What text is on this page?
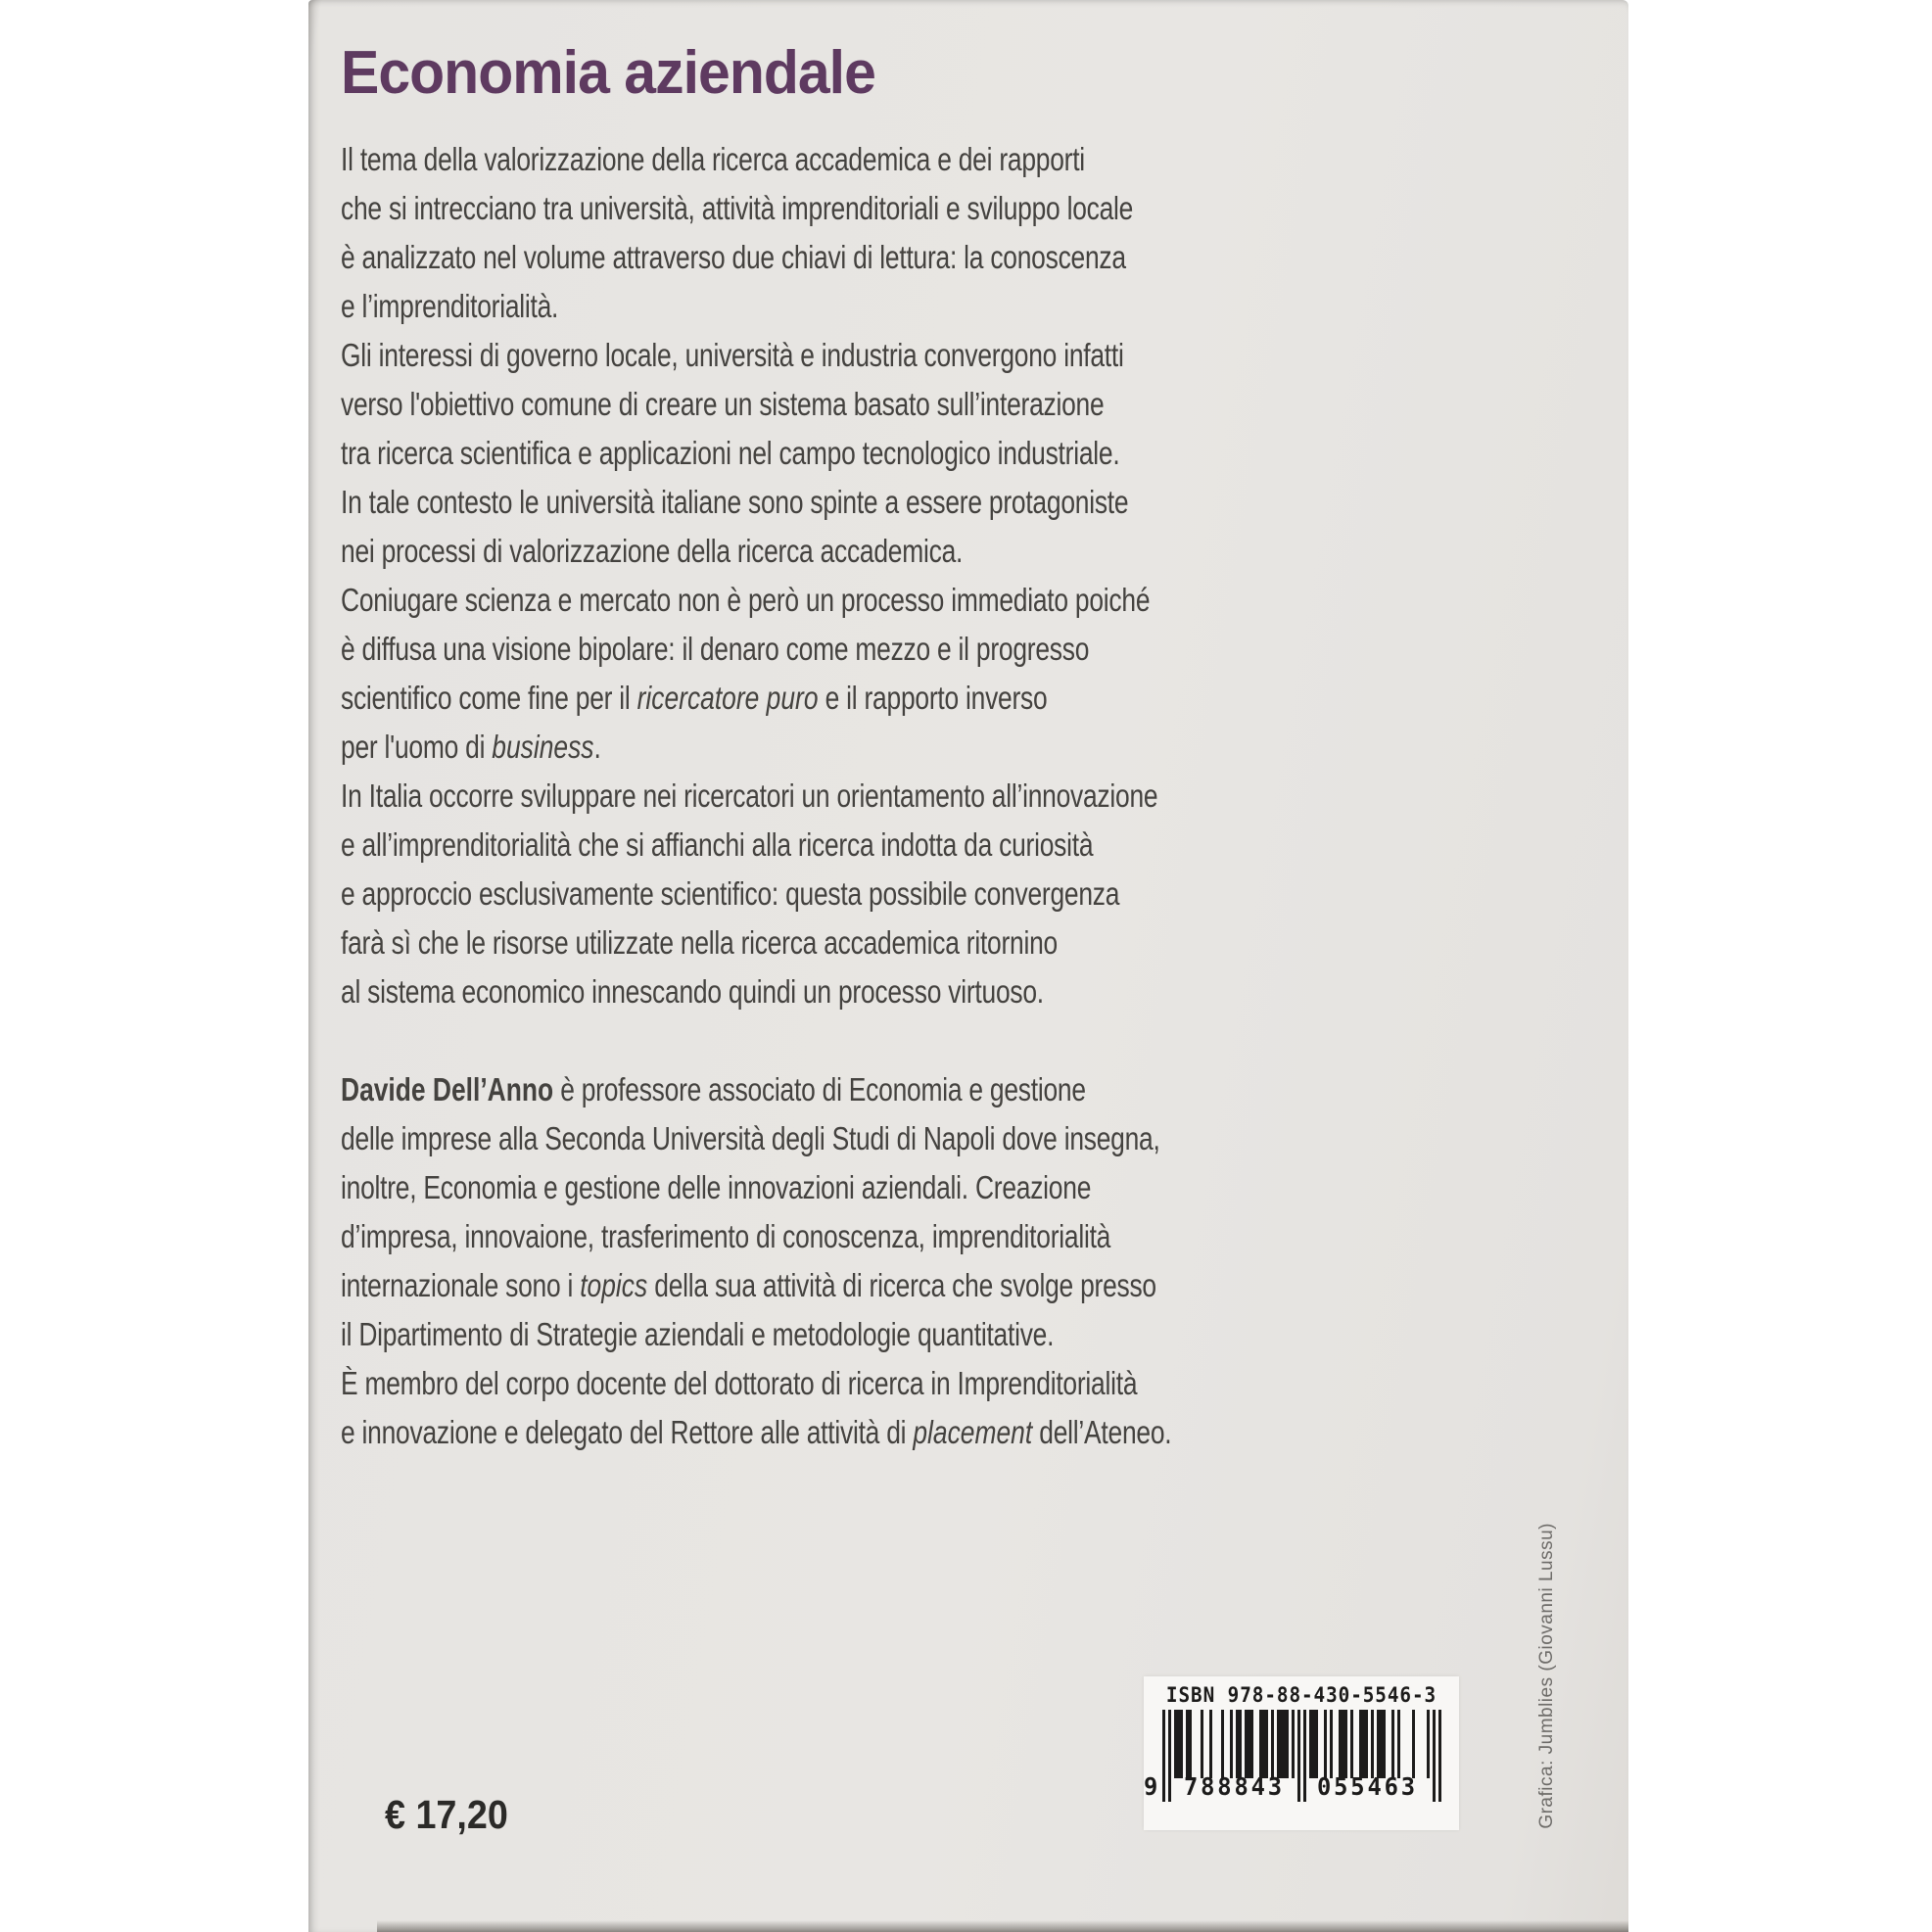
Economia aziendale
Il tema della valorizzazione della ricerca accademica e dei rapporti
che si intrecciano tra università, attività imprenditoriali e sviluppo locale
è analizzato nel volume attraverso due chiavi di lettura: la conoscenza
e l’imprenditorialità.
Gli interessi di governo locale, università e industria convergono infatti
verso l'obiettivo comune di creare un sistema basato sull’interazione
tra ricerca scientifica e applicazioni nel campo tecnologico industriale.
In tale contesto le università italiane sono spinte a essere protagoniste
nei processi di valorizzazione della ricerca accademica.
Coniugare scienza e mercato non è però un processo immediato poiché
è diffusa una visione bipolare: il denaro come mezzo e il progresso
scientifico come fine per il ricercatore puro e il rapporto inverso
per l'uomo di business.
In Italia occorre sviluppare nei ricercatori un orientamento all’innovazione
e all’imprenditorialità che si affianchi alla ricerca indotta da curiosità
e approccio esclusivamente scientifico: questa possibile convergenza
farà sì che le risorse utilizzate nella ricerca accademica ritornino
al sistema economico innescando quindi un processo virtuoso.
Davide Dell’Anno è professore associato di Economia e gestione
delle imprese alla Seconda Università degli Studi di Napoli dove insegna,
inoltre, Economia e gestione delle innovazioni aziendali. Creazione
d’impresa, innovaione, trasferimento di conoscenza, imprenditorialità
internazionale sono i topics della sua attività di ricerca che svolge presso
il Dipartimento di Strategie aziendali e metodologie quantitative.
È membro del corpo docente del dottorato di ricerca in Imprenditorialità
e innovazione e delegato del Rettore alle attività di placement dell’Ateneo.
€ 17,20
ISBN 978-88-430-5546-3
9 788843 055463	Grafica: Jumblies (Giovanni Lussu)
